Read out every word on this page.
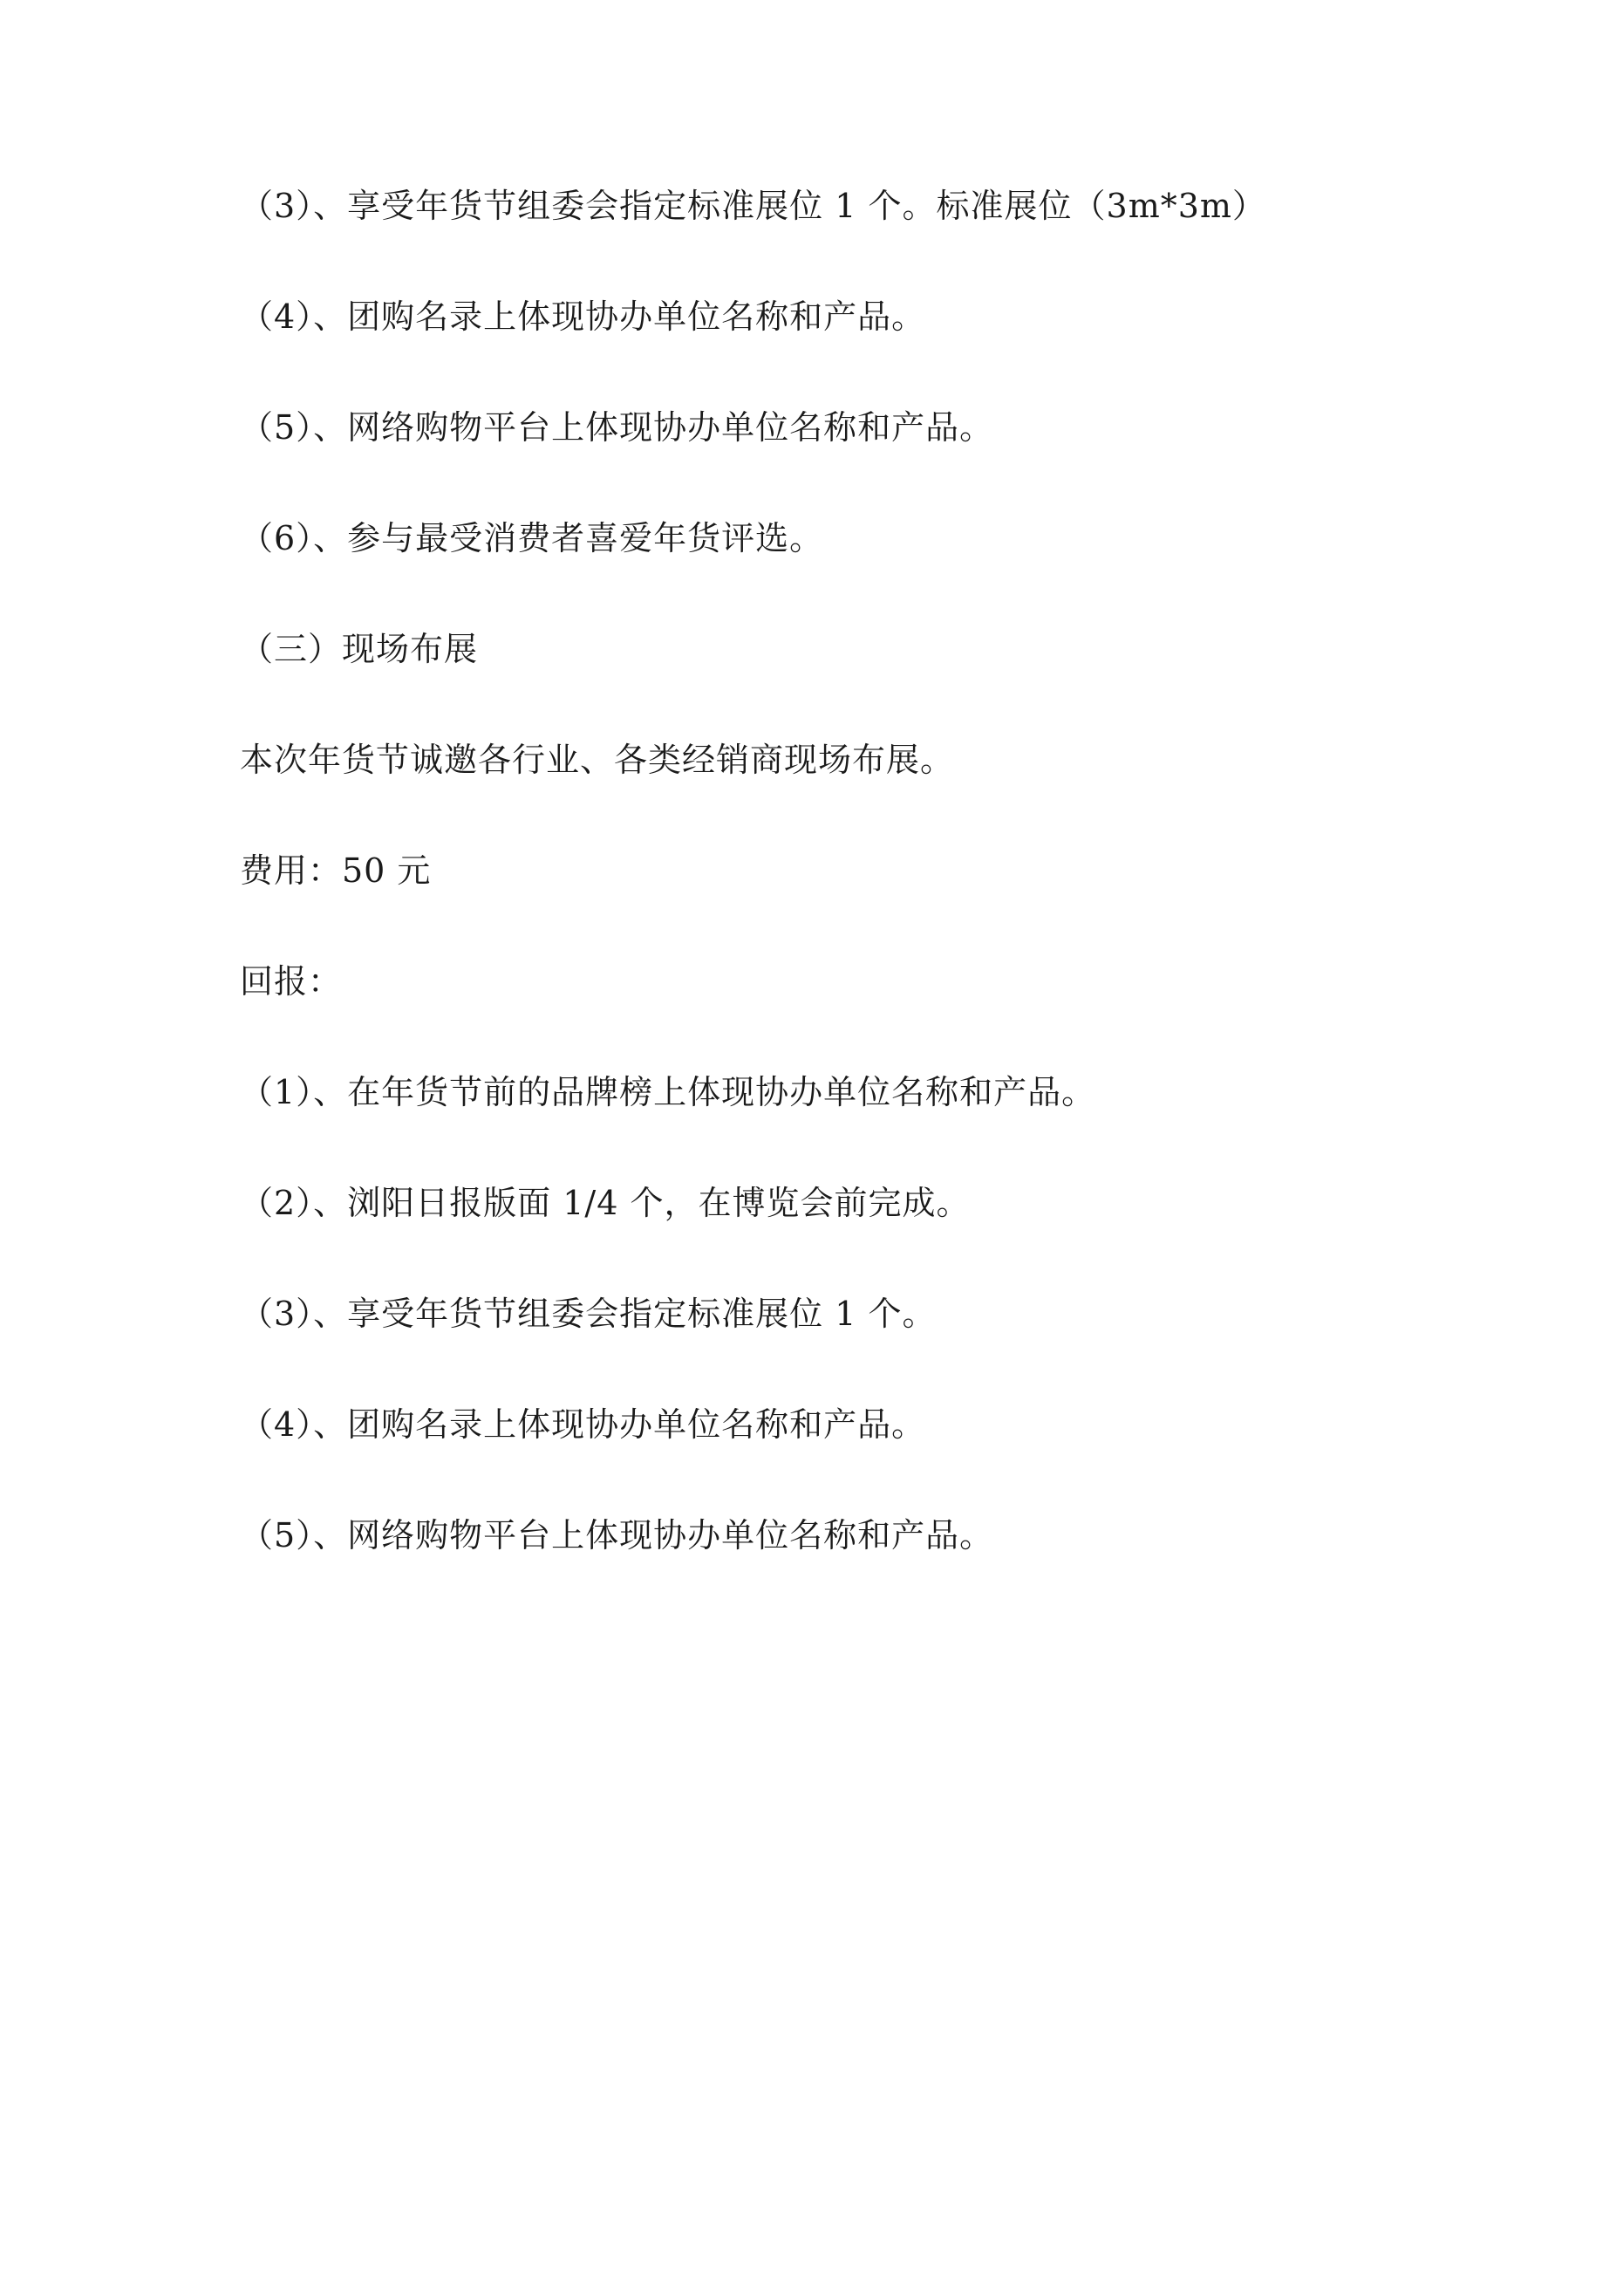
（3）、享受年货节组委会指定标准展位 1 个。标准展位（3m*3m）
（4）、团购名录上体现协办单位名称和产品。
（5）、网络购物平台上体现协办单位名称和产品。
（6）、参与最受消费者喜爱年货评选。
（三）现场布展
本次年货节诚邀各行业、各类经销商现场布展。
费用：50 元
回报：
（1）、在年货节前的品牌榜上体现协办单位名称和产品。
（2）、浏阳日报版面 1/4 个，在博览会前完成。
（3）、享受年货节组委会指定标准展位 1 个。
（4）、团购名录上体现协办单位名称和产品。
（5）、网络购物平台上体现协办单位名称和产品。
